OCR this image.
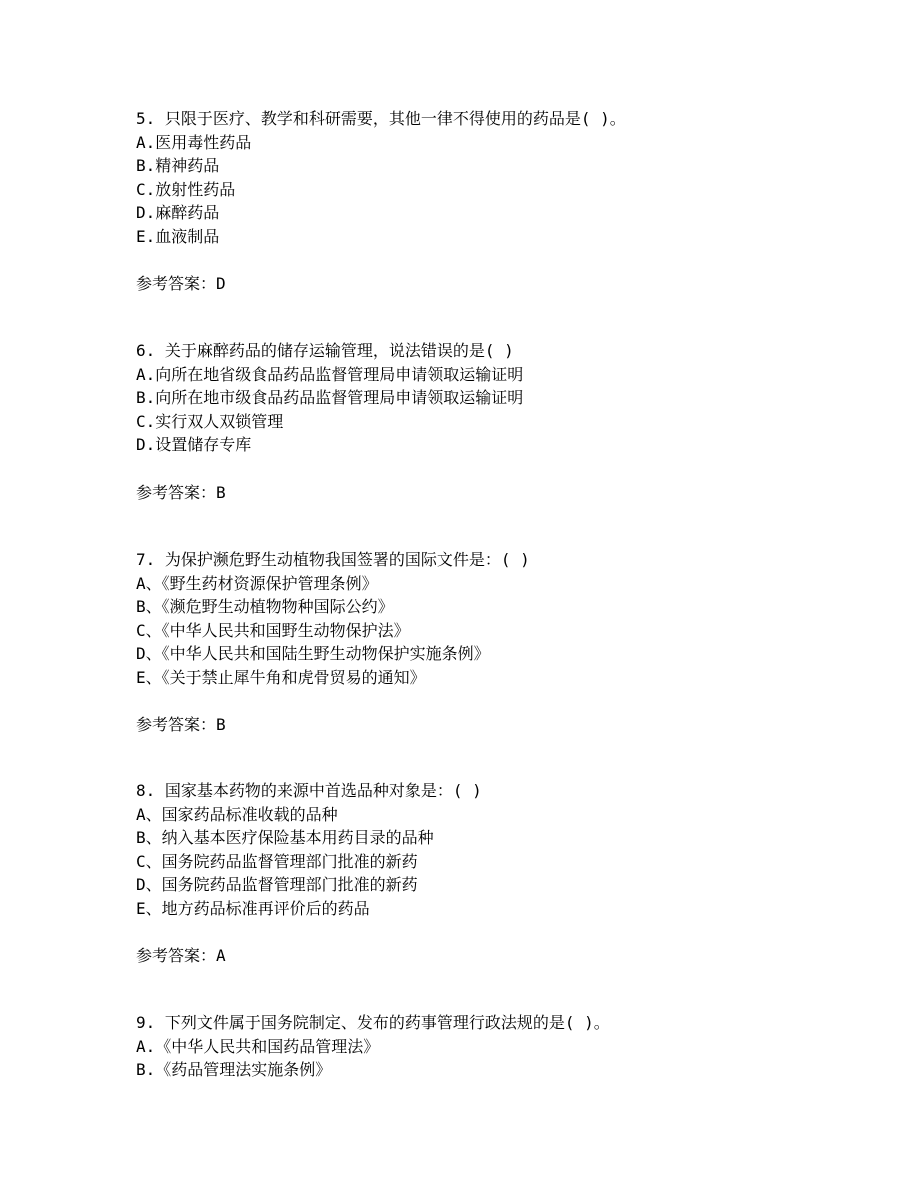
5. 只限于医疗、教学和科研需要，其他一律不得使用的药品是( )。
A.医用毒性药品
B.精神药品
C.放射性药品
D.麻醉药品
E.血液制品
参考答案：D
6. 关于麻醉药品的储存运输管理，说法错误的是( )
A.向所在地省级食品药品监督管理局申请领取运输证明
B.向所在地市级食品药品监督管理局申请领取运输证明
C.实行双人双锁管理
D.设置储存专库
参考答案：B
7. 为保护濒危野生动植物我国签署的国际文件是：( )
A、《野生药材资源保护管理条例》
B、《濒危野生动植物物种国际公约》
C、《中华人民共和国野生动物保护法》
D、《中华人民共和国陆生野生动物保护实施条例》
E、《关于禁止犀牛角和虎骨贸易的通知》
参考答案：B
8. 国家基本药物的来源中首选品种对象是：( )
A、国家药品标准收载的品种
B、纳入基本医疗保险基本用药目录的品种
C、国务院药品监督管理部门批准的新药
D、国务院药品监督管理部门批准的新药
E、地方药品标准再评价后的药品
参考答案：A
9. 下列文件属于国务院制定、发布的药事管理行政法规的是( )。
A.《中华人民共和国药品管理法》
B.《药品管理法实施条例》
